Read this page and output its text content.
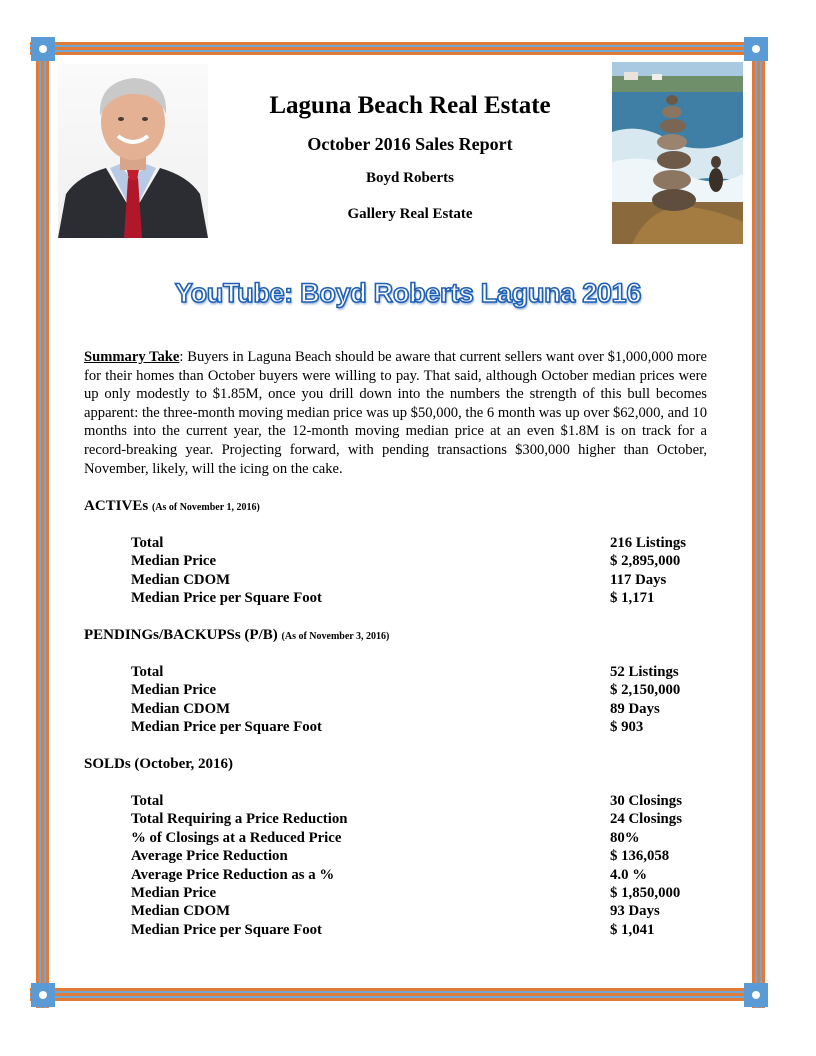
Laguna Beach Real Estate
October 2016 Sales Report
Boyd Roberts
Gallery Real Estate
YouTube: Boyd Roberts Laguna 2016
Summary Take: Buyers in Laguna Beach should be aware that current sellers want over $1,000,000 more for their homes than October buyers were willing to pay. That said, although October median prices were up only modestly to $1.85M, once you drill down into the numbers the strength of this bull becomes apparent: the three-month moving median price was up $50,000, the 6 month was up over $62,000, and 10 months into the current year, the 12-month moving median price at an even $1.8M is on track for a record-breaking year. Projecting forward, with pending transactions $300,000 higher than October, November, likely, will the icing on the cake.
ACTIVEs (As of November 1, 2016)
Total	216 Listings
Median Price	$ 2,895,000
Median CDOM	117 Days
Median Price per Square Foot	$ 1,171
PENDINGs/BACKUPSs (P/B) (As of November 3, 2016)
Total	52 Listings
Median Price	$ 2,150,000
Median CDOM	89 Days
Median Price per Square Foot	$ 903
SOLDs (October, 2016)
Total	30 Closings
Total Requiring a Price Reduction	24 Closings
% of Closings at a Reduced Price	80%
Average Price Reduction	$ 136,058
Average Price Reduction as a %	4.0 %
Median Price	$ 1,850,000
Median CDOM	93 Days
Median Price per Square Foot	$ 1,041
